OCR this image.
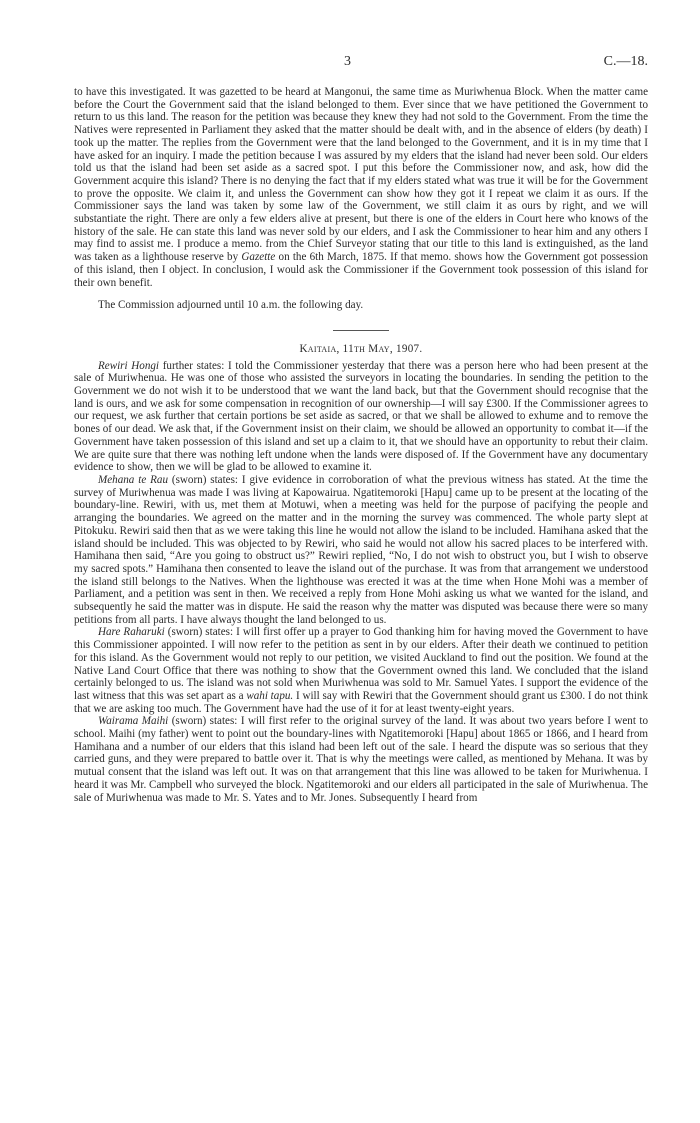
3	C.—18.

to have this investigated. It was gazetted to be heard at Mangonui, the same time as Muriwhenua Block. When the matter came before the Court the Government said that the island belonged to them. Ever since that we have petitioned the Government to return to us this land. The reason for the petition was because they knew they had not sold to the Government. From the time the Natives were represented in Parliament they asked that the matter should be dealt with, and in the absence of elders (by death) I took up the matter. The replies from the Government were that the land belonged to the Government, and it is in my time that I have asked for an inquiry. I made the petition because I was assured by my elders that the island had never been sold. Our elders told us that the island had been set aside as a sacred spot. I put this before the Commissioner now, and ask, how did the Government acquire this island? There is no denying the fact that if my elders stated what was true it will be for the Government to prove the opposite. We claim it, and unless the Government can show how they got it I repeat we claim it as ours. If the Commissioner says the land was taken by some law of the Government, we still claim it as ours by right, and we will substantiate the right. There are only a few elders alive at present, but there is one of the elders in Court here who knows of the history of the sale. He can state this land was never sold by our elders, and I ask the Commissioner to hear him and any others I may find to assist me. I produce a memo. from the Chief Surveyor stating that our title to this land is extinguished, as the land was taken as a lighthouse reserve by Gazette on the 6th March, 1875. If that memo. shows how the Government got possession of this island, then I object. In conclusion, I would ask the Commissioner if the Government took possession of this island for their own benefit.

The Commission adjourned until 10 a.m. the following day.

Kaitaia, 11th May, 1907.

Rewiri Hongi further states: I told the Commissioner yesterday that there was a person here who had been present at the sale of Muriwhenua. He was one of those who assisted the surveyors in locating the boundaries. In sending the petition to the Government we do not wish it to be understood that we want the land back, but that the Government should recognise that the land is ours, and we ask for some compensation in recognition of our ownership—I will say £300. If the Commissioner agrees to our request, we ask further that certain portions be set aside as sacred, or that we shall be allowed to exhume and to remove the bones of our dead. We ask that, if the Government insist on their claim, we should be allowed an opportunity to combat it—if the Government have taken possession of this island and set up a claim to it, that we should have an opportunity to rebut their claim. We are quite sure that there was nothing left undone when the lands were disposed of. If the Government have any documentary evidence to show, then we will be glad to be allowed to examine it.

Mehana te Rau (sworn) states: I give evidence in corroboration of what the previous witness has stated. At the time the survey of Muriwhenua was made I was living at Kapowairua. Ngatitemoroki [Hapu] came up to be present at the locating of the boundary-line. Rewiri, with us, met them at Motuwi, when a meeting was held for the purpose of pacifying the people and arranging the boundaries. We agreed on the matter and in the morning the survey was commenced. The whole party slept at Pitokuku. Rewiri said then that as we were taking this line he would not allow the island to be included. Hamihana asked that the island should be included. This was objected to by Rewiri, who said he would not allow his sacred places to be interfered with. Hamihana then said, “Are you going to obstruct us?” Rewiri replied, “No, I do not wish to obstruct you, but I wish to observe my sacred spots.” Hamihana then consented to leave the island out of the purchase. It was from that arrangement we understood the island still belongs to the Natives. When the lighthouse was erected it was at the time when Hone Mohi was a member of Parliament, and a petition was sent in then. We received a reply from Hone Mohi asking us what we wanted for the island, and subsequently he said the matter was in dispute. He said the reason why the matter was disputed was because there were so many petitions from all parts. I have always thought the land belonged to us.

Hare Raharuki (sworn) states: I will first offer up a prayer to God thanking him for having moved the Government to have this Commissioner appointed. I will now refer to the petition as sent in by our elders. After their death we continued to petition for this island. As the Government would not reply to our petition, we visited Auckland to find out the position. We found at the Native Land Court Office that there was nothing to show that the Government owned this land. We concluded that the island certainly belonged to us. The island was not sold when Muriwhenua was sold to Mr. Samuel Yates. I support the evidence of the last witness that this was set apart as a wahi tapu. I will say with Rewiri that the Government should grant us £300. I do not think that we are asking too much. The Government have had the use of it for at least twenty-eight years.

Wairama Maihi (sworn) states: I will first refer to the original survey of the land. It was about two years before I went to school. Maihi (my father) went to point out the boundary-lines with Ngatitemoroki [Hapu] about 1865 or 1866, and I heard from Hamihana and a number of our elders that this island had been left out of the sale. I heard the dispute was so serious that they carried guns, and they were prepared to battle over it. That is why the meetings were called, as mentioned by Mehana. It was by mutual consent that the island was left out. It was on that arrangement that this line was allowed to be taken for Muriwhenua. I heard it was Mr. Campbell who surveyed the block. Ngatitemoroki and our elders all participated in the sale of Muriwhenua. The sale of Muriwhenua was made to Mr. S. Yates and to Mr. Jones. Subsequently I heard from
